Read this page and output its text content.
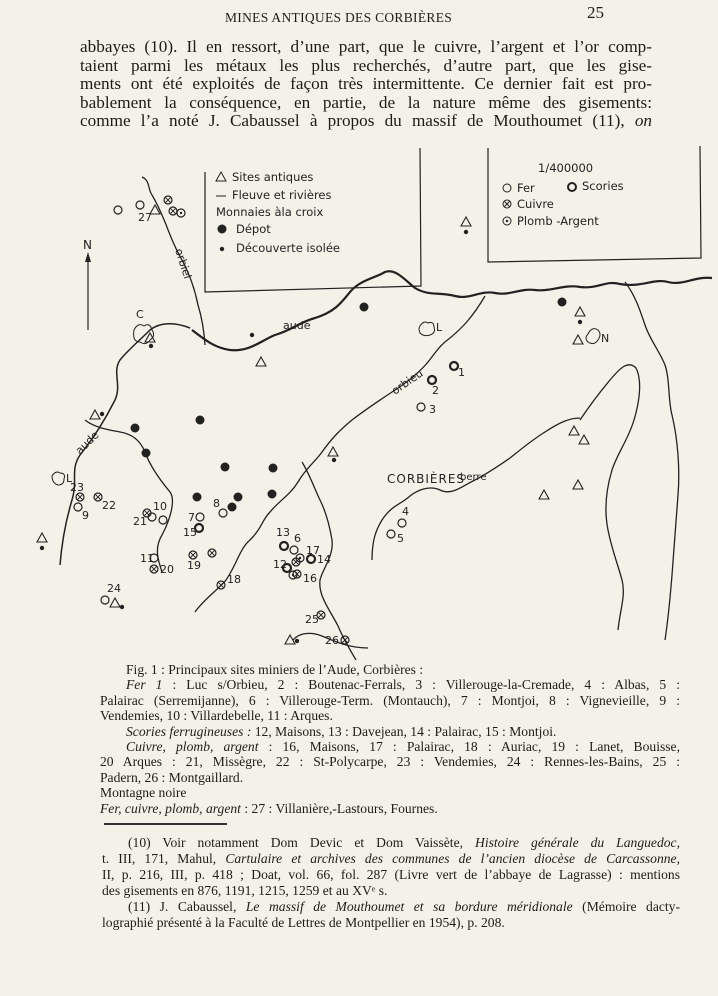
MINES ANTIQUES DES CORBIÈRES	25
abbayes (10). Il en ressort, d’une part, que le cuivre, l’argent et l’or comp-
taient parmi les métaux les plus recherchés, d’autre part, que les gise-
ments ont été exploités de façon très intermittente. Ce dernier fait est pro-
bablement la conséquence, en partie, de la nature même des gisements:
comme l’a noté J. Cabaussel à propos du massif de Mouthoumet (11), on
N
Sites antiques
Fleuve et rivières
Monnaies àla croix
Dépot
Découverte isolée
1/400000
Fer	Scories
Cuivre
Plomb -Argent
C
L
N
L
aude
aude
orbiel
orbieu
berre
CORBIÈRES
27
1
2
3
23
9
22
21
10
7
15
8
4
5
13 6
17
14
12
16
11
20 19
18
24
25
26
Fig. 1 : Principaux sites miniers de l’Aude, Corbières :
Fer 1 : Luc s/Orbieu, 2 : Boutenac-Ferrals, 3 : Villerouge-la-Cremade, 4 : Albas, 5 :
Palairac (Serremijanne), 6 : Villerouge-Term. (Montauch), 7 : Montjoi, 8 : Vignevieille, 9 :
Vendemies, 10 : Villardebelle, 11 : Arques.
Scories ferrugineuses : 12, Maisons, 13 : Davejean, 14 : Palairac, 15 : Montjoi.
Cuivre, plomb, argent : 16, Maisons, 17 : Palairac, 18 : Auriac, 19 : Lanet, Bouisse,
20 Arques : 21, Missègre, 22 : St-Polycarpe, 23 : Vendemies, 24 : Rennes-les-Bains, 25 :
Padern, 26 : Montgaillard.
Montagne noire
Fer, cuivre, plomb, argent : 27 : Villanière,-Lastours, Fournes.
(10) Voir notamment Dom Devic et Dom Vaissète, Histoire générale du Languedoc,
t. III, 171, Mahul, Cartulaire et archives des communes de l’ancien diocèse de Carcassonne,
II, p. 216, III, p. 418 ; Doat, vol. 66, fol. 287 (Livre vert de l’abbaye de Lagrasse) : mentions
des gisements en 876, 1191, 1215, 1259 et au XVᵉ s.
(11) J. Cabaussel, Le massif de Mouthoumet et sa bordure méridionale (Mémoire dacty-
lographié présenté à la Faculté de Lettres de Montpellier en 1954), p. 208.
